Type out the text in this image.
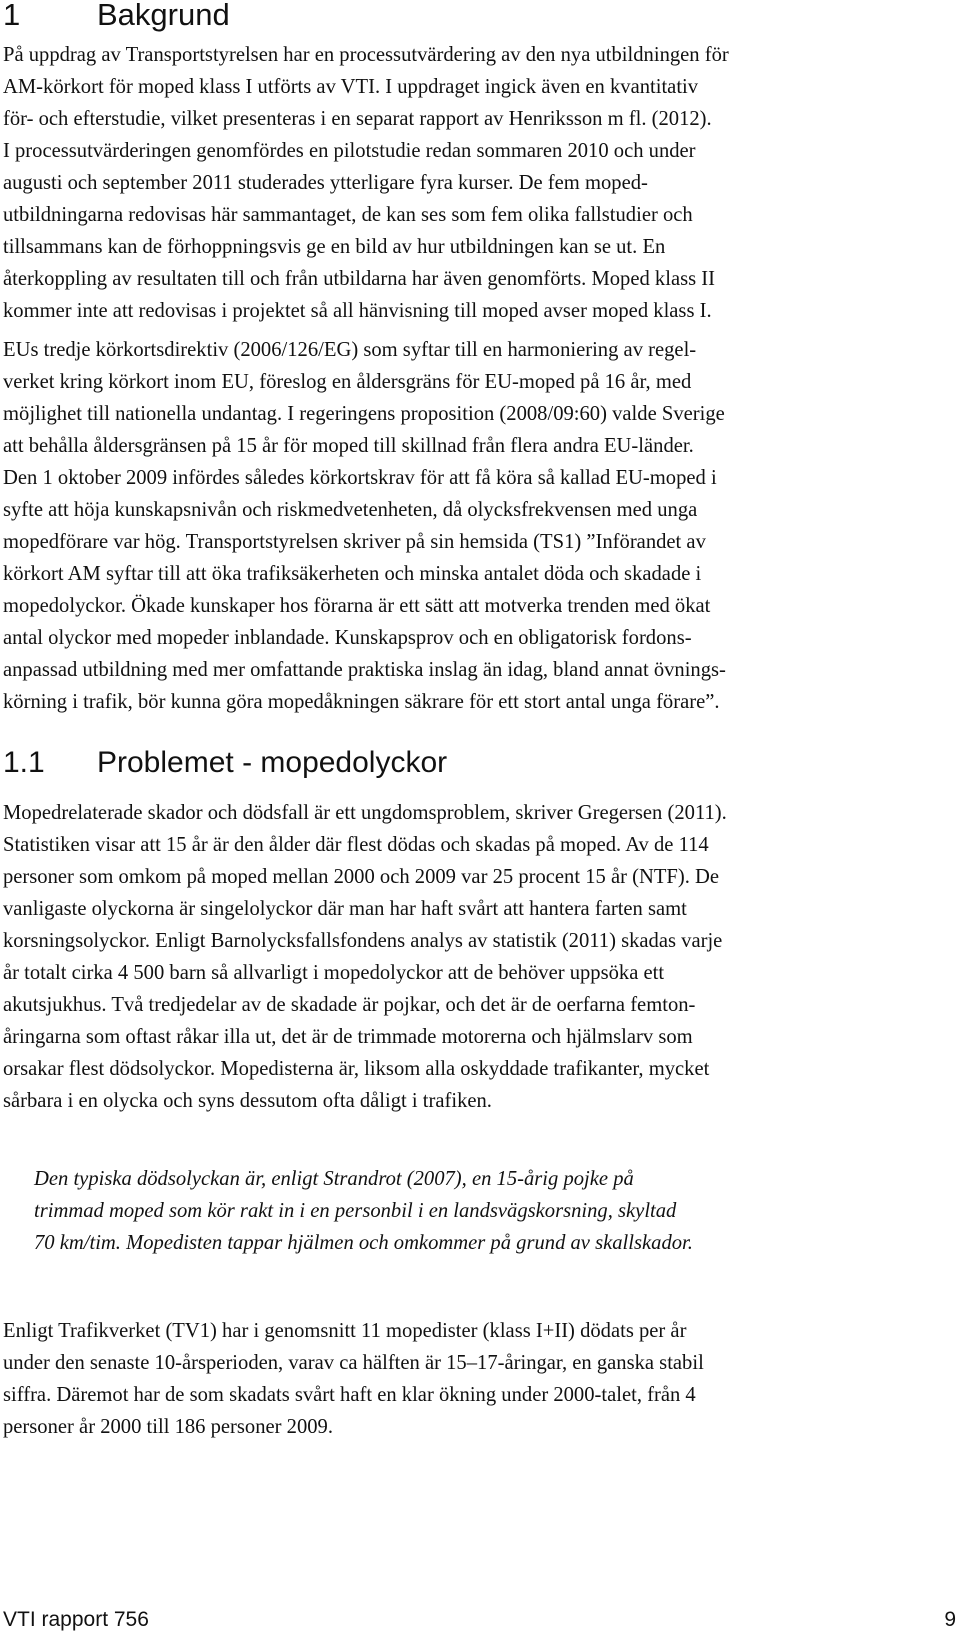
1 Bakgrund

På uppdrag av Transportstyrelsen har en processutvärdering av den nya utbildningen för
AM-körkort för moped klass I utförts av VTI. I uppdraget ingick även en kvantitativ
för- och efterstudie, vilket presenteras i en separat rapport av Henriksson m fl. (2012).
I processutvärderingen genomfördes en pilotstudie redan sommaren 2010 och under
augusti och september 2011 studerades ytterligare fyra kurser. De fem moped-
utbildningarna redovisas här sammantaget, de kan ses som fem olika fallstudier och
tillsammans kan de förhoppningsvis ge en bild av hur utbildningen kan se ut. En
återkoppling av resultaten till och från utbildarna har även genomförts. Moped klass II
kommer inte att redovisas i projektet så all hänvisning till moped avser moped klass I.

EUs tredje körkortsdirektiv (2006/126/EG) som syftar till en harmoniering av regel-
verket kring körkort inom EU, föreslog en åldersgräns för EU-moped på 16 år, med
möjlighet till nationella undantag. I regeringens proposition (2008/09:60) valde Sverige
att behålla åldersgränsen på 15 år för moped till skillnad från flera andra EU-länder.
Den 1 oktober 2009 infördes således körkortskrav för att få köra så kallad EU-moped i
syfte att höja kunskapsnivån och riskmedvetenheten, då olycksfrekvensen med unga
mopedförare var hög. Transportstyrelsen skriver på sin hemsida (TS1) ”Införandet av
körkort AM syftar till att öka trafiksäkerheten och minska antalet döda och skadade i
mopedolyckor. Ökade kunskaper hos förarna är ett sätt att motverka trenden med ökat
antal olyckor med mopeder inblandade. Kunskapsprov och en obligatorisk fordons-
anpassad utbildning med mer omfattande praktiska inslag än idag, bland annat övnings-
körning i trafik, bör kunna göra mopedåkningen säkrare för ett stort antal unga förare”.

1.1 Problemet - mopedolyckor

Mopedrelaterade skador och dödsfall är ett ungdomsproblem, skriver Gregersen (2011).
Statistiken visar att 15 år är den ålder där flest dödas och skadas på moped. Av de 114
personer som omkom på moped mellan 2000 och 2009 var 25 procent 15 år (NTF). De
vanligaste olyckorna är singelolyckor där man har haft svårt att hantera farten samt
korsningsolyckor. Enligt Barnolycksfallsfondens analys av statistik (2011) skadas varje
år totalt cirka 4 500 barn så allvarligt i mopedolyckor att de behöver uppsöka ett
akutsjukhus. Två tredjedelar av de skadade är pojkar, och det är de oerfarna femton-
åringarna som oftast råkar illa ut, det är de trimmade motorerna och hjälmslarv som
orsakar flest dödsolyckor. Mopedisterna är, liksom alla oskyddade trafikanter, mycket
sårbara i en olycka och syns dessutom ofta dåligt i trafiken.

Den typiska dödsolyckan är, enligt Strandrot (2007), en 15-årig pojke på
trimmad moped som kör rakt in i en personbil i en landsvägskorsning, skyltad
70 km/tim. Mopedisten tappar hjälmen och omkommer på grund av skallskador.

Enligt Trafikverket (TV1) har i genomsnitt 11 mopedister (klass I+II) dödats per år
under den senaste 10-årsperioden, varav ca hälften är 15–17-åringar, en ganska stabil
siffra. Däremot har de som skadats svårt haft en klar ökning under 2000-talet, från 4
personer år 2000 till 186 personer 2009.

VTI rapport 756	9
